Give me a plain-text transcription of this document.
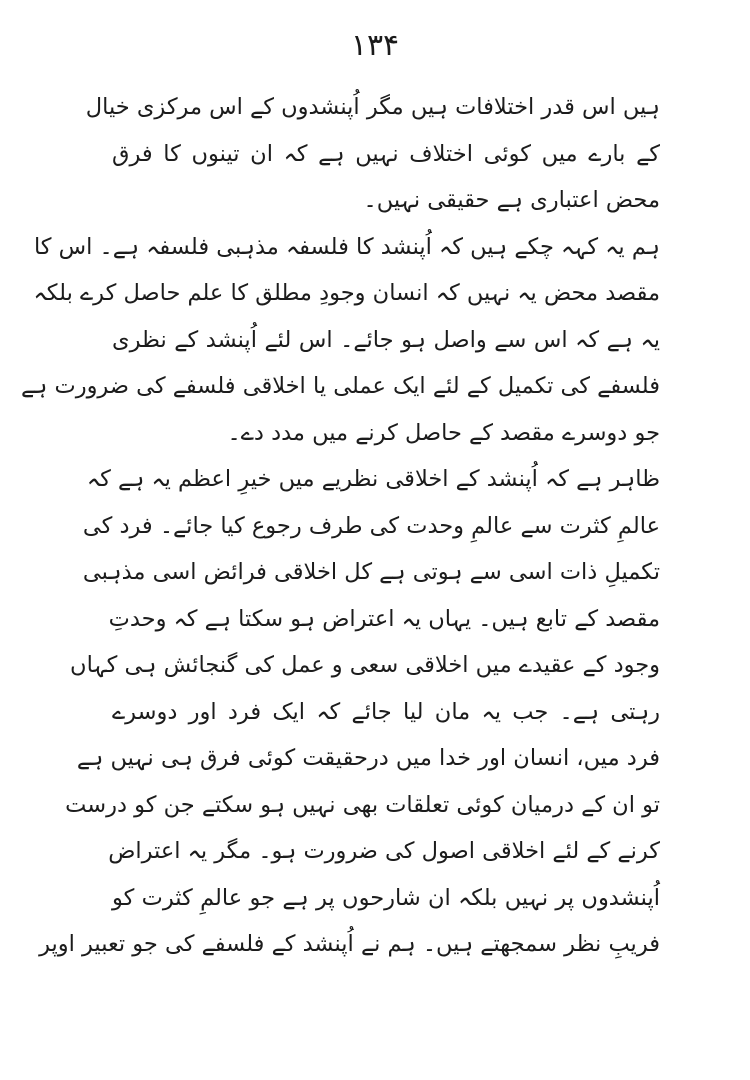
۱۳۴
ہیں اس قدر اختلافات ہیں مگر اُپنشدوں کے اس مرکزی خیال
کے بارے میں کوئی اختلاف نہیں ہے کہ ان تینوں کا فرق
محض اعتباری ہے حقیقی نہیں۔
ہم یہ کہہ چکے ہیں کہ اُپنشد کا فلسفہ مذہبی فلسفہ ہے۔ اس کا
مقصد محض یہ نہیں کہ انسان وجودِ مطلق کا علم حاصل کرے بلکہ
یہ ہے کہ اس سے واصل ہو جائے۔ اس لئے اُپنشد کے نظری
فلسفے کی تکمیل کے لئے ایک عملی یا اخلاقی فلسفے کی ضرورت ہے
جو دوسرے مقصد کے حاصل کرنے میں مدد دے۔
ظاہر ہے کہ اُپنشد کے اخلاقی نظریے میں خیرِ اعظم یہ ہے کہ
عالمِ کثرت سے عالمِ وحدت کی طرف رجوع کیا جائے۔ فرد کی
تکمیلِ ذات اسی سے ہوتی ہے کل اخلاقی فرائض اسی مذہبی
مقصد کے تابع ہیں۔ یہاں یہ اعتراض ہو سکتا ہے کہ وحدتِ
وجود کے عقیدے میں اخلاقی سعی و عمل کی گنجائش ہی کہاں
رہتی ہے۔ جب یہ مان لیا جائے کہ ایک فرد اور دوسرے
فرد میں، انسان اور خدا میں درحقیقت کوئی فرق ہی نہیں ہے
تو ان کے درمیان کوئی تعلقات بھی نہیں ہو سکتے جن کو درست
کرنے کے لئے اخلاقی اصول کی ضرورت ہو۔ مگر یہ اعتراض
اُپنشدوں پر نہیں بلکہ ان شارحوں پر ہے جو عالمِ کثرت کو
فریبِ نظر سمجھتے ہیں۔ ہم نے اُپنشد کے فلسفے کی جو تعبیر اوپر
